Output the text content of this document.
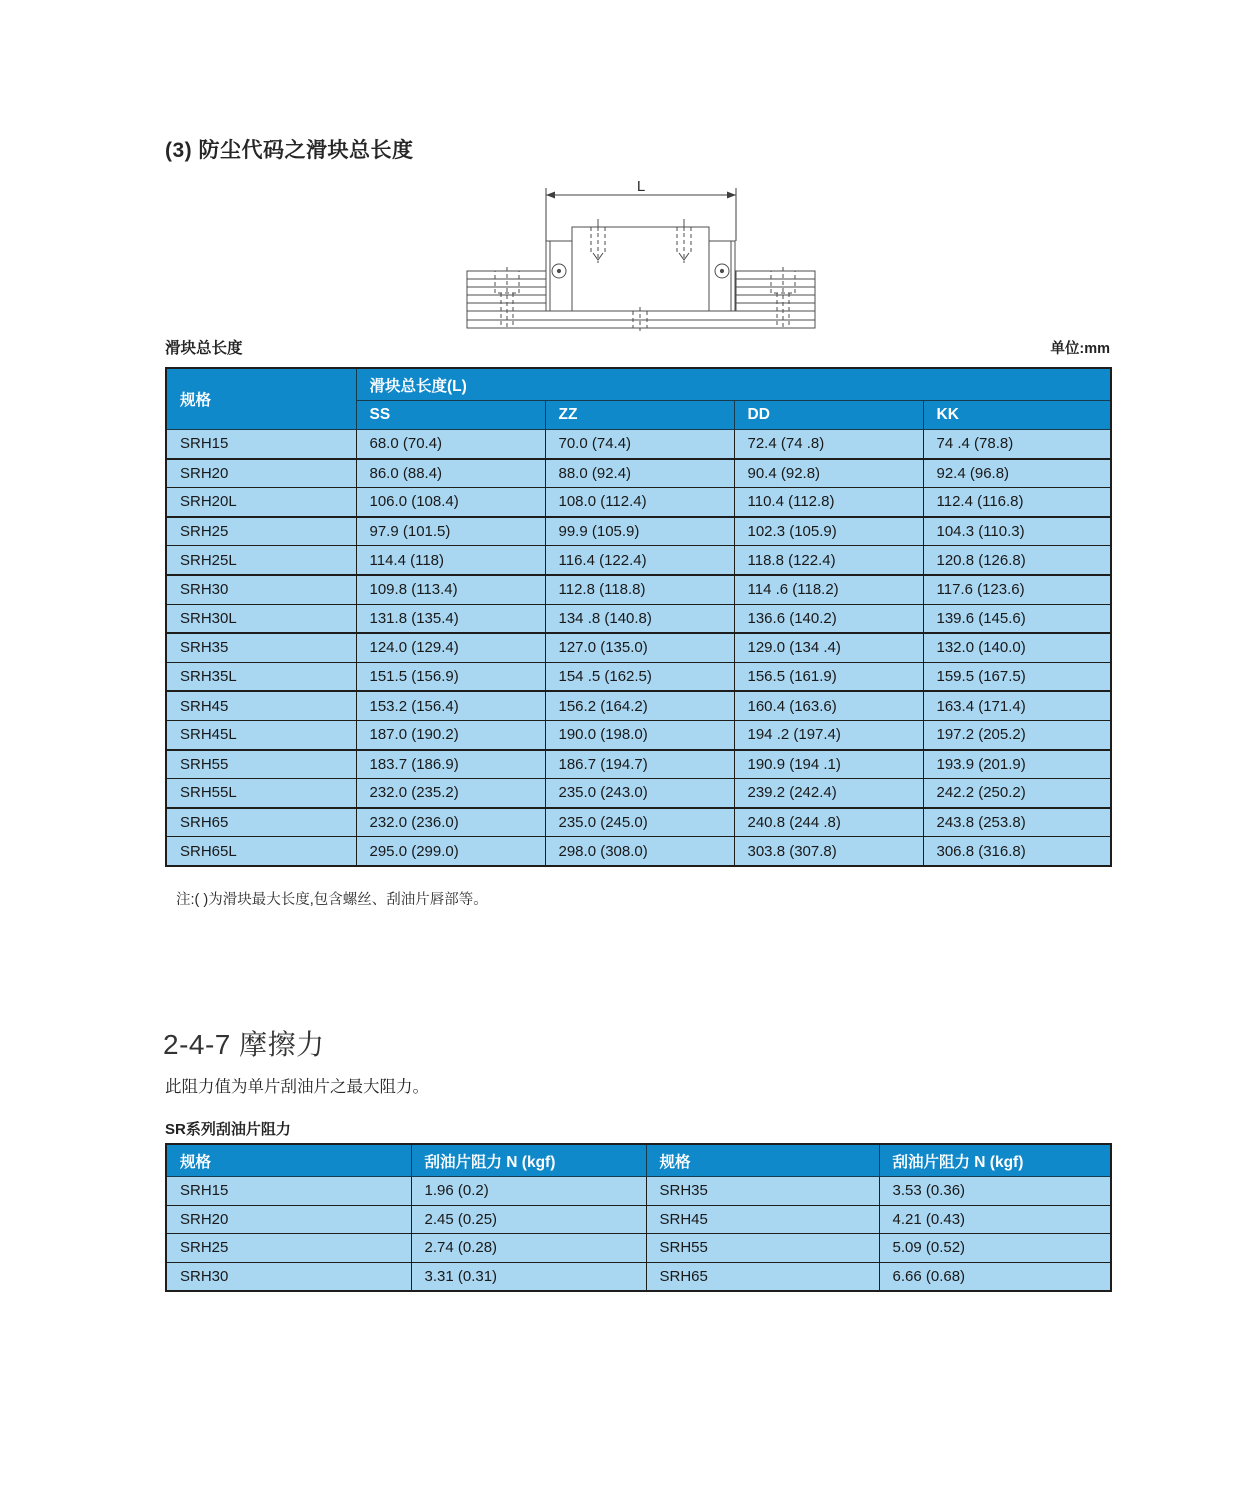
(3) 防尘代码之滑块总长度
L
滑块总长度	单位:mm
规格	滑块总长度(L)			
	SS	ZZ	DD	KK
SRH15	68.0 (70.4)	70.0 (74.4)	72.4 (74 .8)	74 .4 (78.8)
SRH20	86.0 (88.4)	88.0 (92.4)	90.4 (92.8)	92.4 (96.8)
SRH20L	106.0 (108.4)	108.0 (112.4)	110.4 (112.8)	112.4 (116.8)
SRH25	97.9 (101.5)	99.9 (105.9)	102.3 (105.9)	104.3 (110.3)
SRH25L	114.4 (118)	116.4 (122.4)	118.8 (122.4)	120.8 (126.8)
SRH30	109.8 (113.4)	112.8 (118.8)	114 .6 (118.2)	117.6 (123.6)
SRH30L	131.8 (135.4)	134 .8 (140.8)	136.6 (140.2)	139.6 (145.6)
SRH35	124.0 (129.4)	127.0 (135.0)	129.0 (134 .4)	132.0 (140.0)
SRH35L	151.5 (156.9)	154 .5 (162.5)	156.5 (161.9)	159.5 (167.5)
SRH45	153.2 (156.4)	156.2 (164.2)	160.4 (163.6)	163.4 (171.4)
SRH45L	187.0 (190.2)	190.0 (198.0)	194 .2 (197.4)	197.2 (205.2)
SRH55	183.7 (186.9)	186.7 (194.7)	190.9 (194 .1)	193.9 (201.9)
SRH55L	232.0 (235.2)	235.0 (243.0)	239.2 (242.4)	242.2 (250.2)
SRH65	232.0 (236.0)	235.0 (245.0)	240.8 (244 .8)	243.8 (253.8)
SRH65L	295.0 (299.0)	298.0 (308.0)	303.8 (307.8)	306.8 (316.8)
注:( )为滑块最大长度,包含螺丝、刮油片唇部等。
2-4-7 摩擦力
此阻力值为单片刮油片之最大阻力。
SR系列刮油片阻力
规格	刮油片阻力 N (kgf)	规格	刮油片阻力 N (kgf)
SRH15	1.96 (0.2)	SRH35	3.53 (0.36)
SRH20	2.45 (0.25)	SRH45	4.21 (0.43)
SRH25	2.74 (0.28)	SRH55	5.09 (0.52)
SRH30	3.31 (0.31)	SRH65	6.66 (0.68)
